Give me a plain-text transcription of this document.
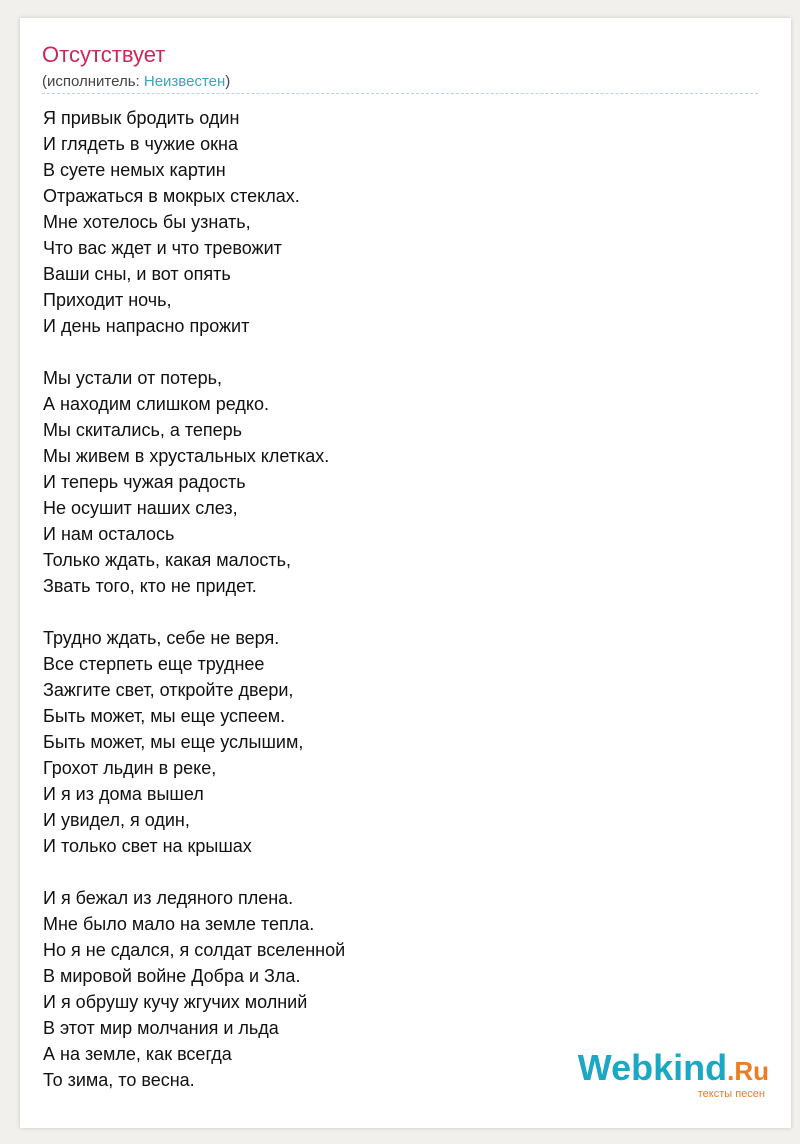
Отсутствует
(исполнитель: Неизвестен)
Я привык бродить один
И глядеть в чужие окна
В суете немых картин
Отражаться в мокрых стеклах.
Мне хотелось бы узнать,
Что вас ждет и что тревожит
Ваши сны, и вот опять
Приходит ночь,
И день напрасно прожит
Мы устали от потерь,
А находим слишком редко.
Мы скитались, а теперь
Мы живем в хрустальных клетках.
И теперь чужая радость
Не осушит наших слез,
И нам осталось
Только ждать, какая малость,
Звать того, кто не придет.
Трудно ждать, себе не веря.
Все стерпеть еще труднее
Зажгите свет, откройте двери,
Быть может, мы еще успеем.
Быть может, мы еще услышим,
Грохот льдин в реке,
И я из дома вышел
И увидел, я один,
И только свет на крышах
И я бежал из ледяного плена.
Мне было мало на земле тепла.
Но я не сдался, я солдат вселенной
В мировой войне Добра и Зла.
И я обрушу кучу жгучих молний
В этот мир молчания и льда
А на земле, как всегда
То зима, то весна.	Webkind.Ru
тексты песен
